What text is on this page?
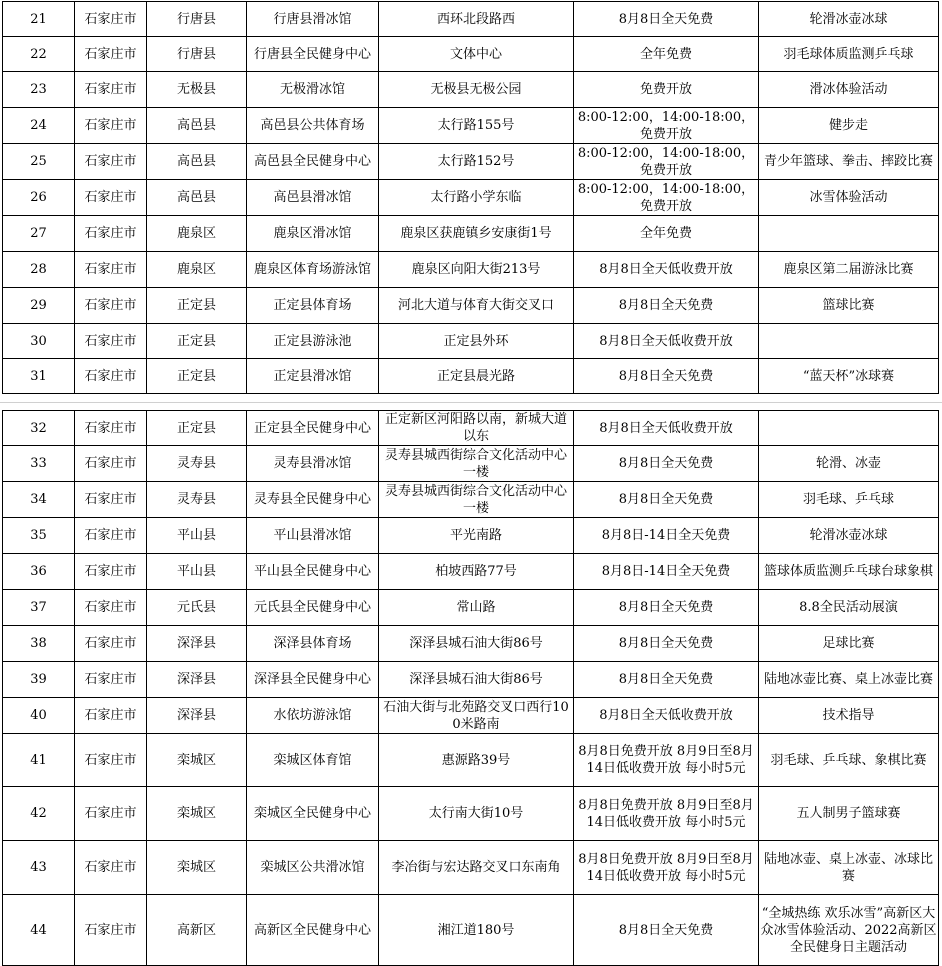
21	石家庄市	行唐县	行唐县滑冰馆	西环北段路西	8月8日全天免费	轮滑冰壶冰球
22	石家庄市	行唐县	行唐县全民健身中心	文体中心	全年免费	羽毛球体质监测乒乓球
23	石家庄市	无极县	无极滑冰馆	无极县无极公园	免费开放	滑冰体验活动
24	石家庄市	高邑县	高邑县公共体育场	太行路155号	8:00-12:00，14:00-18:00，免费开放	健步走
25	石家庄市	高邑县	高邑县全民健身中心	太行路152号	8:00-12:00，14:00-18:00，免费开放	青少年篮球、拳击、摔跤比赛
26	石家庄市	高邑县	高邑县滑冰馆	太行路小学东临	8:00-12:00，14:00-18:00，免费开放	冰雪体验活动
27	石家庄市	鹿泉区	鹿泉区滑冰馆	鹿泉区获鹿镇乡安康街1号	全年免费	
28	石家庄市	鹿泉区	鹿泉区体育场游泳馆	鹿泉区向阳大街213号	8月8日全天低收费开放	鹿泉区第二届游泳比赛
29	石家庄市	正定县	正定县体育场	河北大道与体育大街交叉口	8月8日全天免费	篮球比赛
30	石家庄市	正定县	正定县游泳池	正定县外环	8月8日全天低收费开放	
31	石家庄市	正定县	正定县滑冰馆	正定县晨光路	8月8日全天免费	“蓝天杯”冰球赛
32	石家庄市	正定县	正定县全民健身中心	正定新区河阳路以南，新城大道以东	8月8日全天低收费开放	
33	石家庄市	灵寿县	灵寿县滑冰馆	灵寿县城西街综合文化活动中心一楼	8月8日全天免费	轮滑、冰壶
34	石家庄市	灵寿县	灵寿县全民健身中心	灵寿县城西街综合文化活动中心一楼	8月8日全天免费	羽毛球、乒乓球
35	石家庄市	平山县	平山县滑冰馆	平光南路	8月8日-14日全天免费	轮滑冰壶冰球
36	石家庄市	平山县	平山县全民健身中心	柏坡西路77号	8月8日-14日全天免费	篮球体质监测乒乓球台球象棋
37	石家庄市	元氏县	元氏县全民健身中心	常山路	8月8日全天免费	8.8全民活动展演
38	石家庄市	深泽县	深泽县体育场	深泽县城石油大街86号	8月8日全天免费	足球比赛
39	石家庄市	深泽县	深泽县全民健身中心	深泽县城石油大街86号	8月8日全天免费	陆地冰壶比赛、桌上冰壶比赛
40	石家庄市	深泽县	水依坊游泳馆	石油大街与北苑路交叉口西行100米路南	8月8日全天低收费开放	技术指导
41	石家庄市	栾城区	栾城区体育馆	惠源路39号	8月8日免费开放 8月9日至8月14日低收费开放 每小时5元	羽毛球、乒乓球、象棋比赛
42	石家庄市	栾城区	栾城区全民健身中心	太行南大街10号	8月8日免费开放 8月9日至8月14日低收费开放 每小时5元	五人制男子篮球赛
43	石家庄市	栾城区	栾城区公共滑冰馆	李冶街与宏达路交叉口东南角	8月8日免费开放 8月9日至8月14日低收费开放 每小时5元	陆地冰壶、桌上冰壶、冰球比赛
44	石家庄市	高新区	高新区全民健身中心	湘江道180号	8月8日全天免费	“全城热练 欢乐冰雪”高新区大众冰雪体验活动、2022高新区全民健身日主题活动
